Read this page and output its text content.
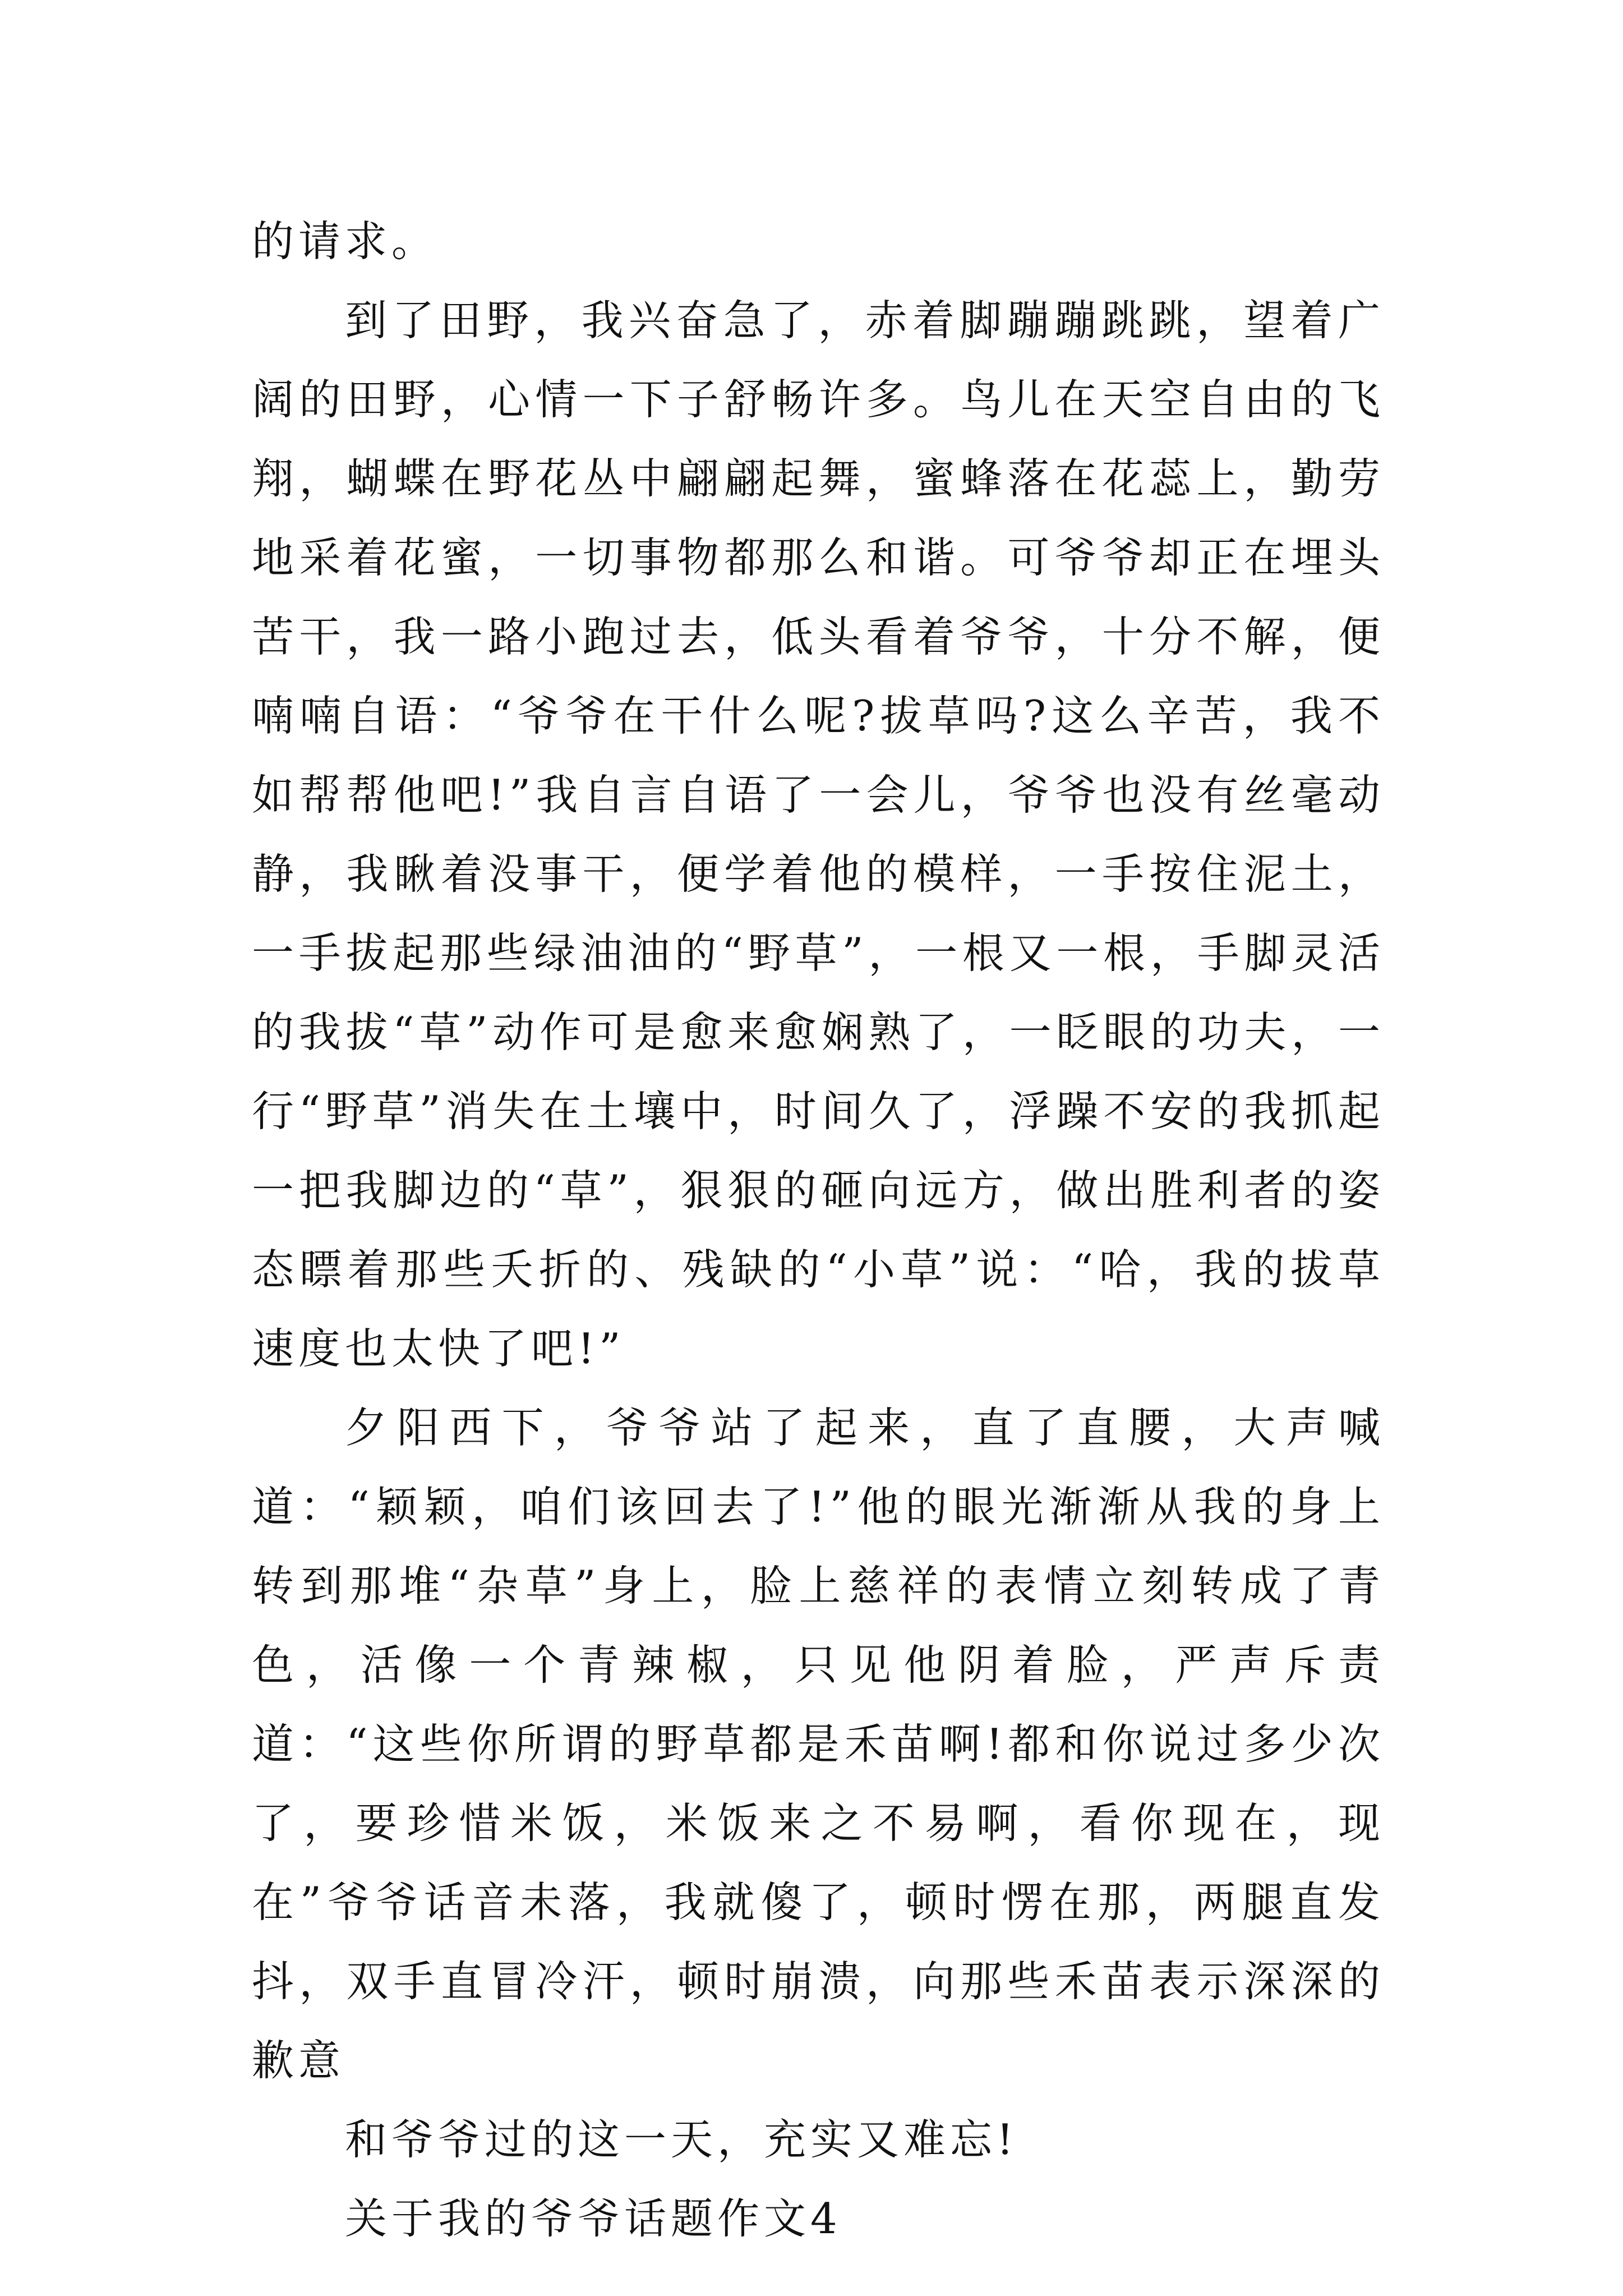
的请求。

到了田野，我兴奋急了，赤着脚蹦蹦跳跳，望着广阔的田野，心情一下子舒畅许多。鸟儿在天空自由的飞翔，蝴蝶在野花丛中翩翩起舞，蜜蜂落在花蕊上，勤劳地采着花蜜，一切事物都那么和谐。可爷爷却正在埋头苦干，我一路小跑过去，低头看着爷爷，十分不解，便喃喃自语：“爷爷在干什么呢?拔草吗?这么辛苦，我不如帮帮他吧!”我自言自语了一会儿，爷爷也没有丝毫动静，我瞅着没事干，便学着他的模样，一手按住泥土，一手拔起那些绿油油的“野草”，一根又一根，手脚灵活的我拔“草”动作可是愈来愈娴熟了，一眨眼的功夫，一行“野草”消失在土壤中，时间久了，浮躁不安的我抓起一把我脚边的“草”，狠狠的砸向远方，做出胜利者的姿态瞟着那些夭折的、残缺的“小草”说：“哈，我的拔草速度也太快了吧!”

夕阳西下，爷爷站了起来，直了直腰，大声喊道：“颖颖，咱们该回去了!”他的眼光渐渐从我的身上转到那堆“杂草”身上，脸上慈祥的表情立刻转成了青色，活像一个青辣椒，只见他阴着脸，严声斥责道：“这些你所谓的野草都是禾苗啊!都和你说过多少次了，要珍惜米饭，米饭来之不易啊，看你现在，现在”爷爷话音未落，我就傻了，顿时愣在那，两腿直发抖，双手直冒冷汗，顿时崩溃，向那些禾苗表示深深的歉意

和爷爷过的这一天，充实又难忘!

关于我的爷爷话题作文4
